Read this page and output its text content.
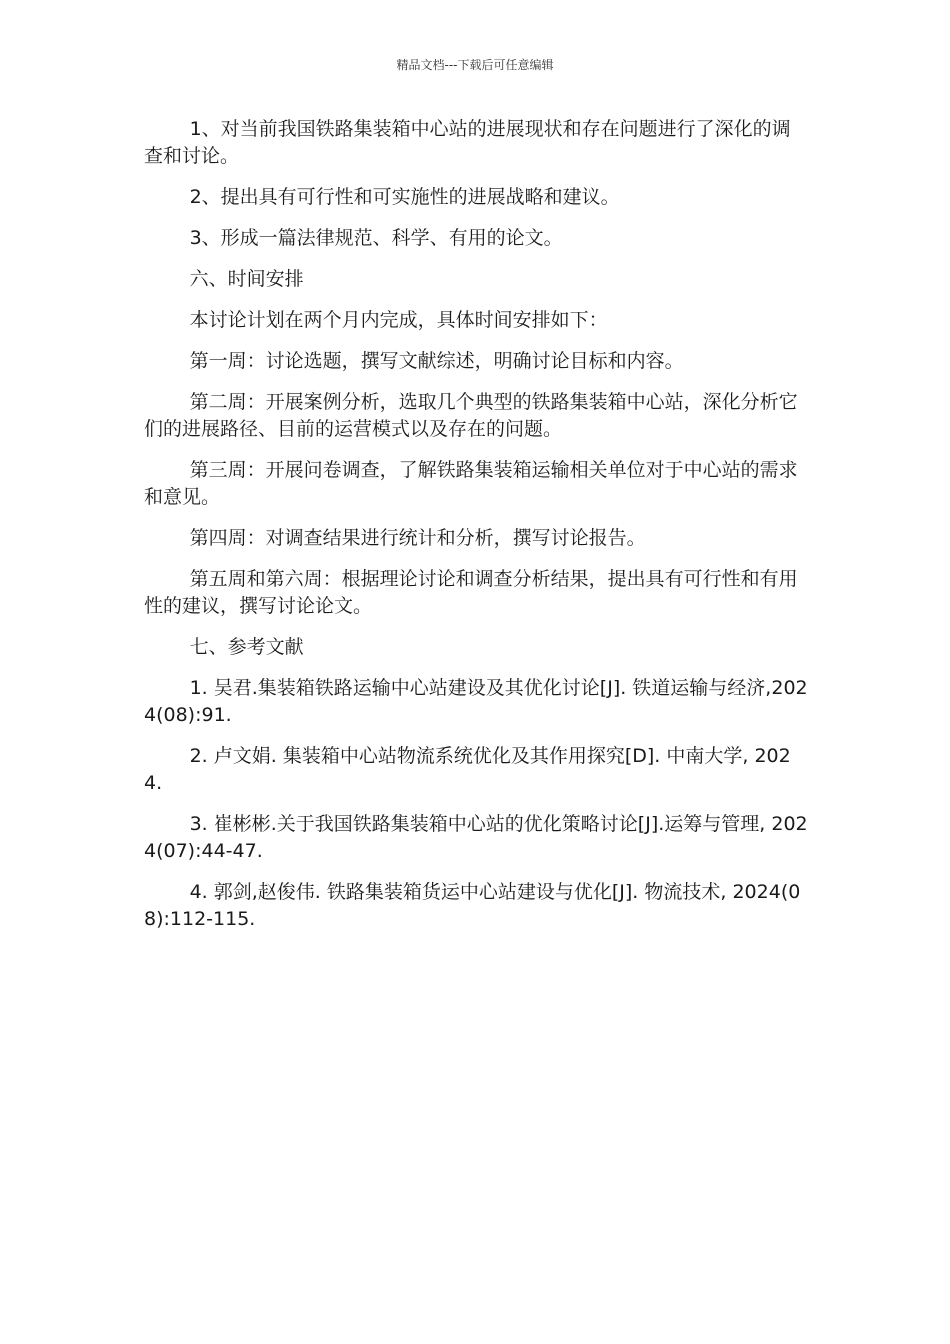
精品文档---下载后可任意编辑

1、对当前我国铁路集装箱中心站的进展现状和存在问题进行了深化的调查和讨论。

2、提出具有可行性和可实施性的进展战略和建议。

3、形成一篇法律规范、科学、有用的论文。

六、时间安排

本讨论计划在两个月内完成，具体时间安排如下：

第一周：讨论选题，撰写文献综述，明确讨论目标和内容。

第二周：开展案例分析，选取几个典型的铁路集装箱中心站，深化分析它们的进展路径、目前的运营模式以及存在的问题。

第三周：开展问卷调查，了解铁路集装箱运输相关单位对于中心站的需求和意见。

第四周：对调查结果进行统计和分析，撰写讨论报告。

第五周和第六周：根据理论讨论和调查分析结果，提出具有可行性和有用性的建议，撰写讨论论文。

七、参考文献

1. 吴君.集装箱铁路运输中心站建设及其优化讨论[J]. 铁道运输与经济,2024(08):91.

2. 卢文娟. 集装箱中心站物流系统优化及其作用探究[D]. 中南大学, 2024.

3. 崔彬彬.关于我国铁路集装箱中心站的优化策略讨论[J].运筹与管理, 2024(07):44-47.

4. 郭剑,赵俊伟. 铁路集装箱货运中心站建设与优化[J]. 物流技术, 2024(08):112-115.
